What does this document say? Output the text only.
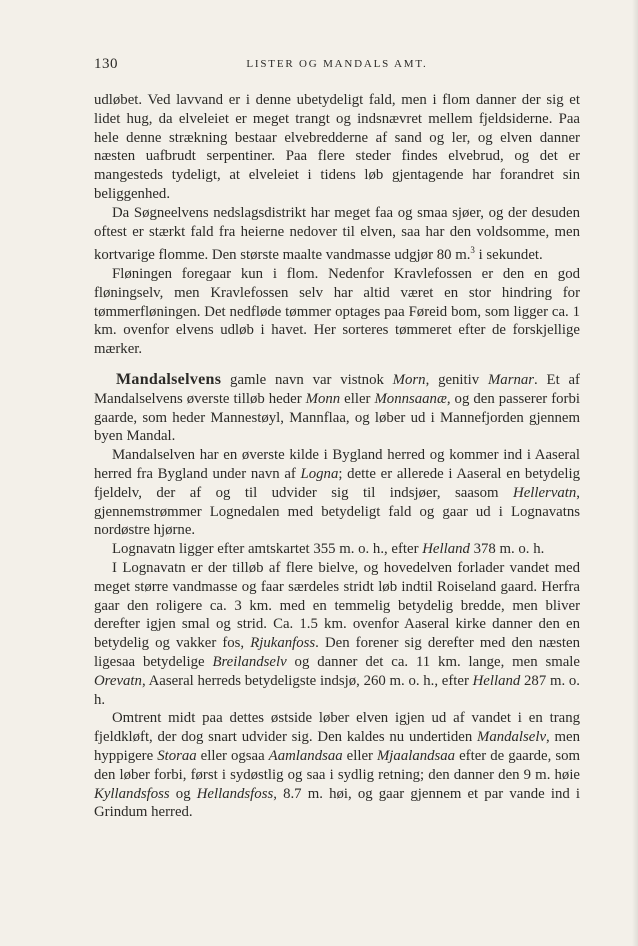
130	LISTER OG MANDALS AMT.

udløbet. Ved lavvand er i denne ubetydeligt fald, men i flom danner der sig et lidet hug, da elveleiet er meget trangt og indsnævret mellem fjeldsiderne. Paa hele denne strækning bestaar elvebredderne af sand og ler, og elven danner næsten uafbrudt serpentiner. Paa flere steder findes elvebrud, og det er mangesteds tydeligt, at elveleiet i tidens løb gjentagende har forandret sin beliggenhed.

Da Søgneelvens nedslagsdistrikt har meget faa og smaa sjøer, og der desuden oftest er stærkt fald fra heierne nedover til elven, saa har den voldsomme, men kortvarige flomme. Den største maalte vandmasse udgjør 80 m.$^3$ i sekundet.

Fløningen foregaar kun i flom. Nedenfor Kravlefossen er den en god fløningselv, men Kravlefossen selv har altid været en stor hindring for tømmerfløningen. Det nedfløde tømmer optages paa Føreid bom, som ligger ca. 1 km. ovenfor elvens udløb i havet. Her sorteres tømmeret efter de forskjellige mærker.

Mandalselvens gamle navn var vistnok Morn, genitiv Marnar. Et af Mandalselvens øverste tilløb heder Monn eller Monnsaanæ, og den passerer forbi gaarde, som heder Mannestøyl, Mannflaa, og løber ud i Mannefjorden gjennem byen Mandal.

Mandalselven har en øverste kilde i Bygland herred og kommer ind i Aaseral herred fra Bygland under navn af Logna; dette er allerede i Aaseral en betydelig fjeldelv, der af og til udvider sig til indsjøer, saasom Hellervatn, gjennemstrømmer Lognedalen med betydeligt fald og gaar ud i Lognavatns nordøstre hjørne.

Lognavatn ligger efter amtskartet 355 m. o. h., efter Helland 378 m. o. h.

I Lognavatn er der tilløb af flere bielve, og hovedelven forlader vandet med meget større vandmasse og faar særdeles stridt løb indtil Roiseland gaard. Herfra gaar den roligere ca. 3 km. med en temmelig betydelig bredde, men bliver derefter igjen smal og strid. Ca. 1.5 km. ovenfor Aaseral kirke danner den en betydelig og vakker fos, Rjukanfoss. Den forener sig derefter med den næsten ligesaa betydelige Breilandselv og danner det ca. 11 km. lange, men smale Orevatn, Aaseral herreds betydeligste indsjø, 260 m. o. h., efter Helland 287 m. o. h.

Omtrent midt paa dettes østside løber elven igjen ud af vandet i en trang fjeldkløft, der dog snart udvider sig. Den kaldes nu undertiden Mandalselv, men hyppigere Storaa eller ogsaa Aamlandsaa eller Mjaalandsaa efter de gaarde, som den løber forbi, først i sydøstlig og saa i sydlig retning; den danner den 9 m. høie Kyllandsfoss og Hellandsfoss, 8.7 m. høi, og gaar gjennem et par vande ind i Grindum herred.
